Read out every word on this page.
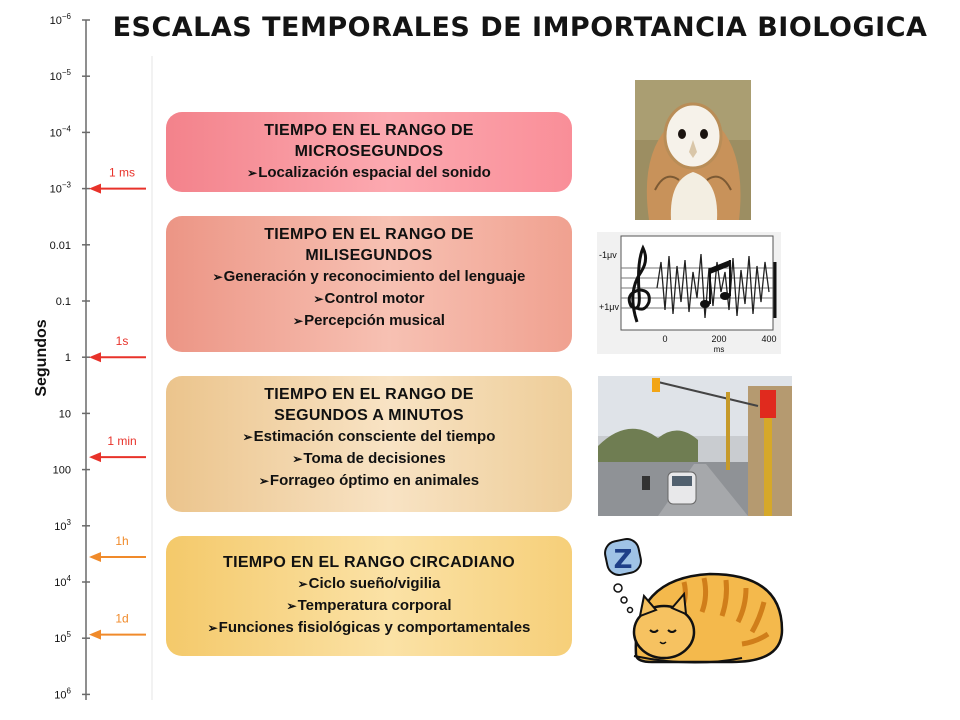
ESCALAS TEMPORALES DE IMPORTANCIA BIOLOGICA
$10^{-6}$
$10^{-5}$
$10^{-4}$
$10^{-3}$
0.01
0.1
1
10
100
$10^3$
$10^4$
$10^5$
$10^6$
1 ms
1s
1 min
1h
1d
Segundos
TIEMPO EN EL RANGO DE
MICROSEGUNDOS
➢ Localización espacial del sonido
TIEMPO EN EL RANGO DE
MILISEGUNDOS
➢ Generación y reconocimiento del lenguaje
➢ Control motor
➢ Percepción musical
TIEMPO EN EL RANGO DE
SEGUNDOS A MINUTOS
➢ Estimación consciente del tiempo
➢ Toma de decisiones
➢ Forrageo óptimo en animales
TIEMPO EN EL RANGO CIRCADIANO
➢ Ciclo sueño/vigilia
➢ Temperatura corporal
➢ Funciones fisiológicas y comportamentales
-1μv
+1μv
0	200	400
ms
Z
